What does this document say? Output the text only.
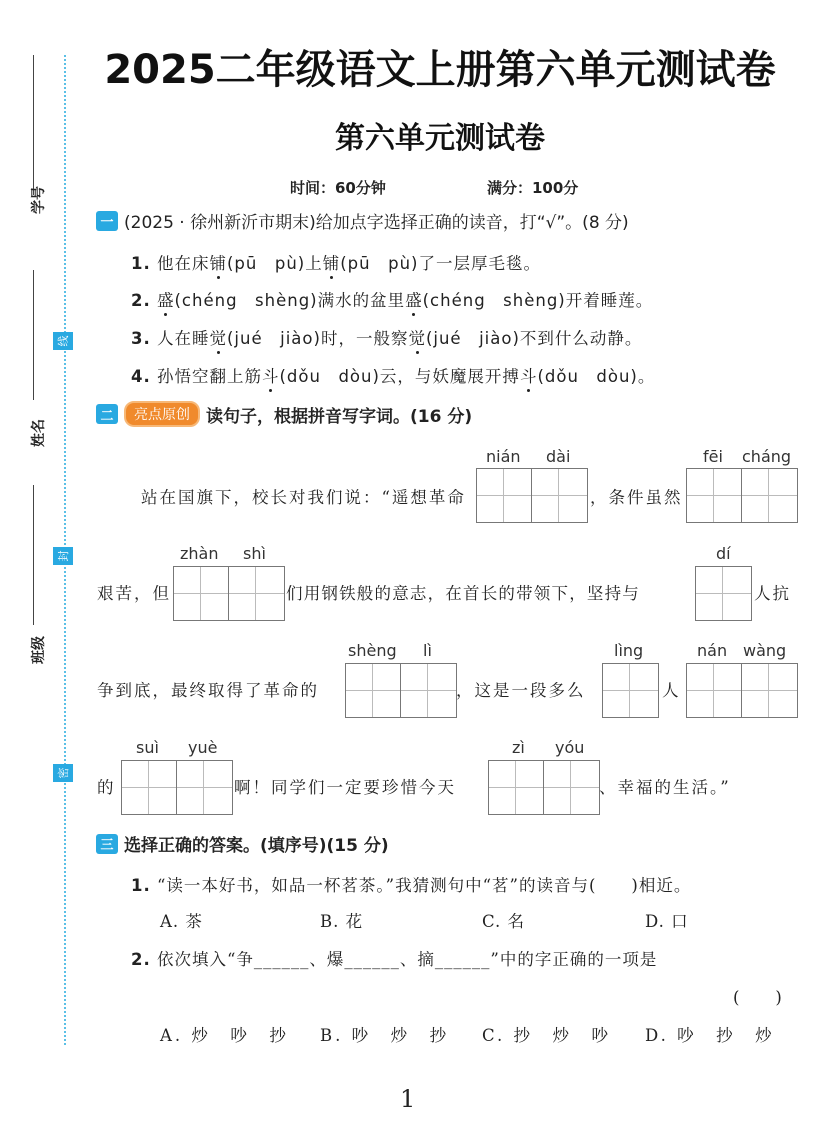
学号
姓名
班级
线
封
密
2025二年级语文上册第六单元测试卷
第六单元测试卷
时间：60分钟	满分：100分
一 (2025 · 徐州新沂市期末)给加点字选择正确的读音，打“√”。(8 分)
1. 他在床铺(pū　pù)上铺(pū　pù)了一层厚毛毯。
2. 盛(chéng　shèng)满水的盆里盛(chéng　shèng)开着睡莲。
3. 人在睡觉(jué　jiào)时，一般察觉(jué　jiào)不到什么动静。
4. 孙悟空翻上筋斗(dǒu　dòu)云，与妖魔展开搏斗(dǒu　dòu)。
二	亮点原创 读句子，根据拼音写字词。(16 分)
站在国旗下，校长对我们说：“遥想革命	，条件虽然
艰苦，但	们用钢铁般的意志，在首长的带领下，坚持与	人抗
争到底，最终取得了革命的	，这是一段多么	人
的	啊！同学们一定要珍惜今天	、幸福的生活。”
nián dài	fēi cháng
zhàn shì	dí
shèng lì	lìng	nán wàng
suì yuè	zì yóu
三 选择正确的答案。(填序号)(15 分)
1. “读一本好书，如品一杯茗茶。”我猜测句中“茗”的读音与(　　)相近。
A. 茶	B. 花	C. 名	D. 口
2. 依次填入“争______、爆______、摘______”中的字正确的一项是
(　　)
A. 炒　吵　抄 B. 吵　炒　抄 C. 抄　炒　吵 D. 吵　抄　炒
1
